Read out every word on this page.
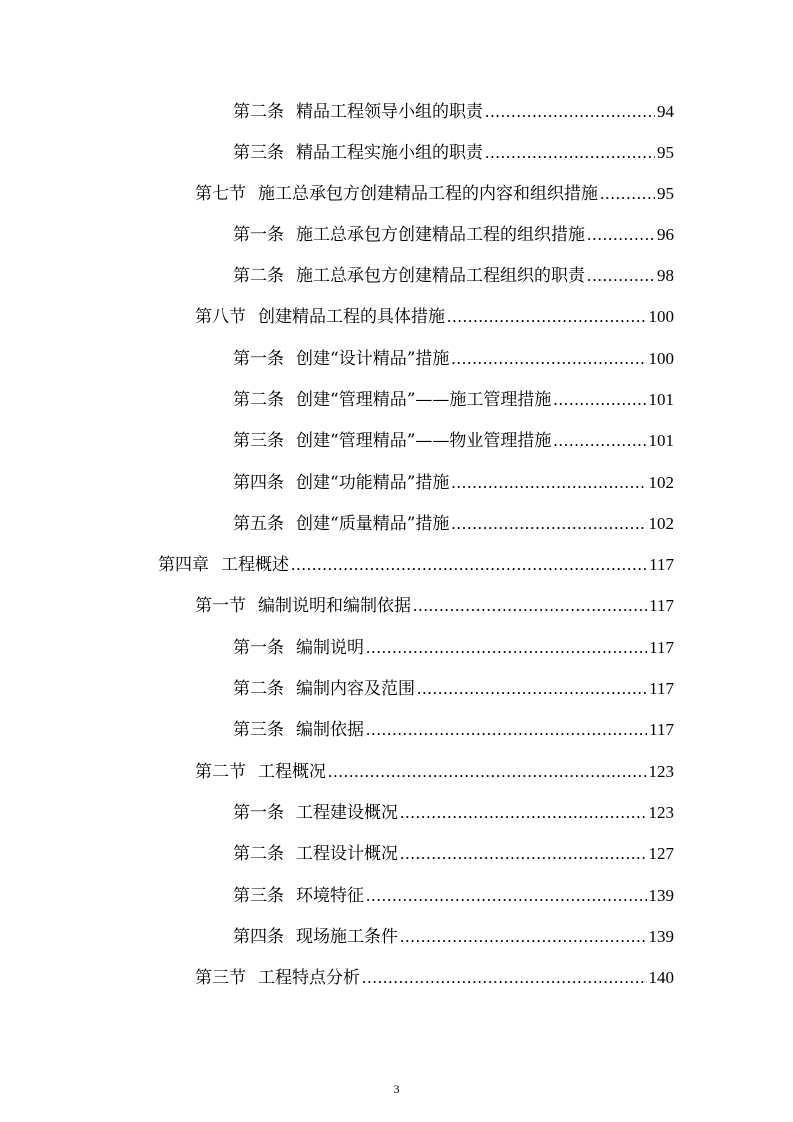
第二条 精品工程领导小组的职责 .....	94
第三条 精品工程实施小组的职责 .....	95
第七节 施工总承包方创建精品工程的内容和组织措施 .....	95
第一条 施工总承包方创建精品工程的组织措施 .....	96
第二条 施工总承包方创建精品工程组织的职责 .....	98
第八节 创建精品工程的具体措施 .....	100
第一条 创建“设计精品”措施 .....	100
第二条 创建“管理精品”——施工管理措施 .....	101
第三条 创建“管理精品”——物业管理措施 .....	101
第四条 创建“功能精品”措施 .....	102
第五条 创建“质量精品”措施 .....	102
第四章 工程概述 .....	117
第一节 编制说明和编制依据 .....	117
第一条 编制说明 .....	117
第二条 编制内容及范围 .....	117
第三条 编制依据 .....	117
第二节 工程概况 .....	123
第一条 工程建设概况 .....	123
第二条 工程设计概况 .....	127
第三条 环境特征 .....	139
第四条 现场施工条件 .....	139
第三节 工程特点分析 .....	140
3
